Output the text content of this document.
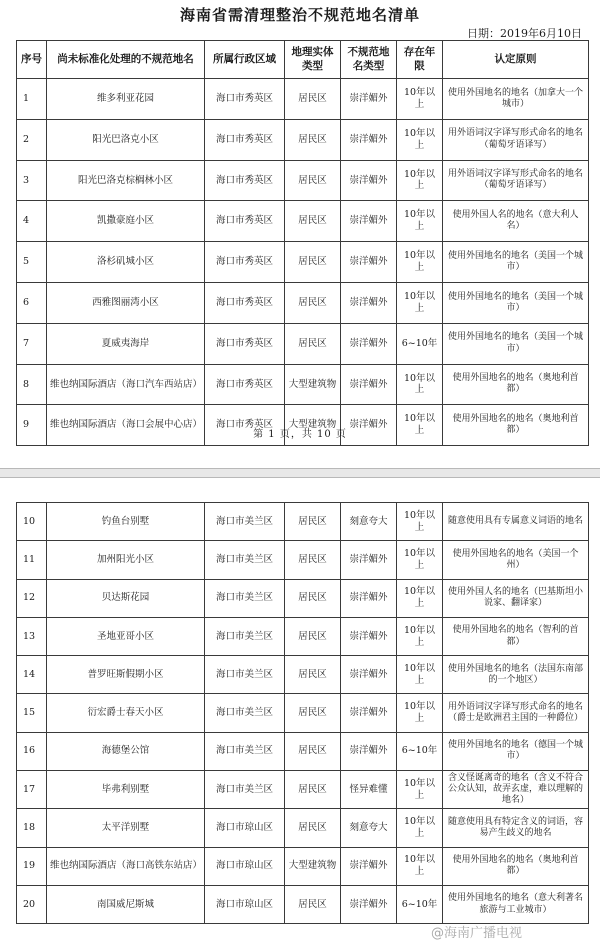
海南省需清理整治不规范地名清单
日期：2019年6月10日
序号	尚未标准化处理的不规范地名	所属行政区域	地理实体类型	不规范地名类型	存在年限	认定原则
1	维多利亚花园	海口市秀英区	居民区	崇洋媚外	10年以上	使用外国地名的地名（加拿大一个城市）
2	阳光巴洛克小区	海口市秀英区	居民区	崇洋媚外	10年以上	用外语词汉字译写形式命名的地名（葡萄牙语译写）
3	阳光巴洛克棕榈林小区	海口市秀英区	居民区	崇洋媚外	10年以上	用外语词汉字译写形式命名的地名（葡萄牙语译写）
4	凯撒豪庭小区	海口市秀英区	居民区	崇洋媚外	10年以上	使用外国人名的地名（意大利人名）
5	洛杉矶城小区	海口市秀英区	居民区	崇洋媚外	10年以上	使用外国地名的地名（美国一个城市）
6	西雅图丽湾小区	海口市秀英区	居民区	崇洋媚外	10年以上	使用外国地名的地名（美国一个城市）
7	夏威夷海岸	海口市秀英区	居民区	崇洋媚外	6~10年	使用外国地名的地名（美国一个城市）
8	维也纳国际酒店（海口汽车西站店）	海口市秀英区	大型建筑物	崇洋媚外	10年以上	使用外国地名的地名（奥地利首都）
9	维也纳国际酒店（海口会展中心店）	海口市秀英区	大型建筑物	崇洋媚外	10年以上	使用外国地名的地名（奥地利首都）
第 1 页，共 10 页
10	钓鱼台别墅	海口市美兰区	居民区	刻意夸大	10年以上	随意使用具有专属意义词语的地名
11	加州阳光小区	海口市美兰区	居民区	崇洋媚外	10年以上	使用外国地名的地名（美国一个州）
12	贝达斯花园	海口市美兰区	居民区	崇洋媚外	10年以上	使用外国人名的地名（巴基斯坦小说家、翻译家）
13	圣地亚哥小区	海口市美兰区	居民区	崇洋媚外	10年以上	使用外国地名的地名（智利的首都）
14	普罗旺斯假期小区	海口市美兰区	居民区	崇洋媚外	10年以上	使用外国地名的地名（法国东南部的一个地区）
15	衍宏爵士春天小区	海口市美兰区	居民区	崇洋媚外	10年以上	用外语词汉字译写形式命名的地名（爵士是欧洲君主国的一种爵位）
16	海德堡公馆	海口市美兰区	居民区	崇洋媚外	6~10年	使用外国地名的地名（德国一个城市）
17	毕弗利别墅	海口市美兰区	居民区	怪异难懂	10年以上	含义怪诞离奇的地名（含义不符合公众认知，故弄玄虚，难以理解的地名）
18	太平洋别墅	海口市琼山区	居民区	刻意夸大	10年以上	随意使用具有特定含义的词语，容易产生歧义的地名
19	维也纳国际酒店（海口高铁东站店）	海口市琼山区	大型建筑物	崇洋媚外	10年以上	使用外国地名的地名（奥地利首都）
20	南国威尼斯城	海口市琼山区	居民区	崇洋媚外	6~10年	使用外国地名的地名（意大利著名旅游与工业城市）
@海南广播电视
